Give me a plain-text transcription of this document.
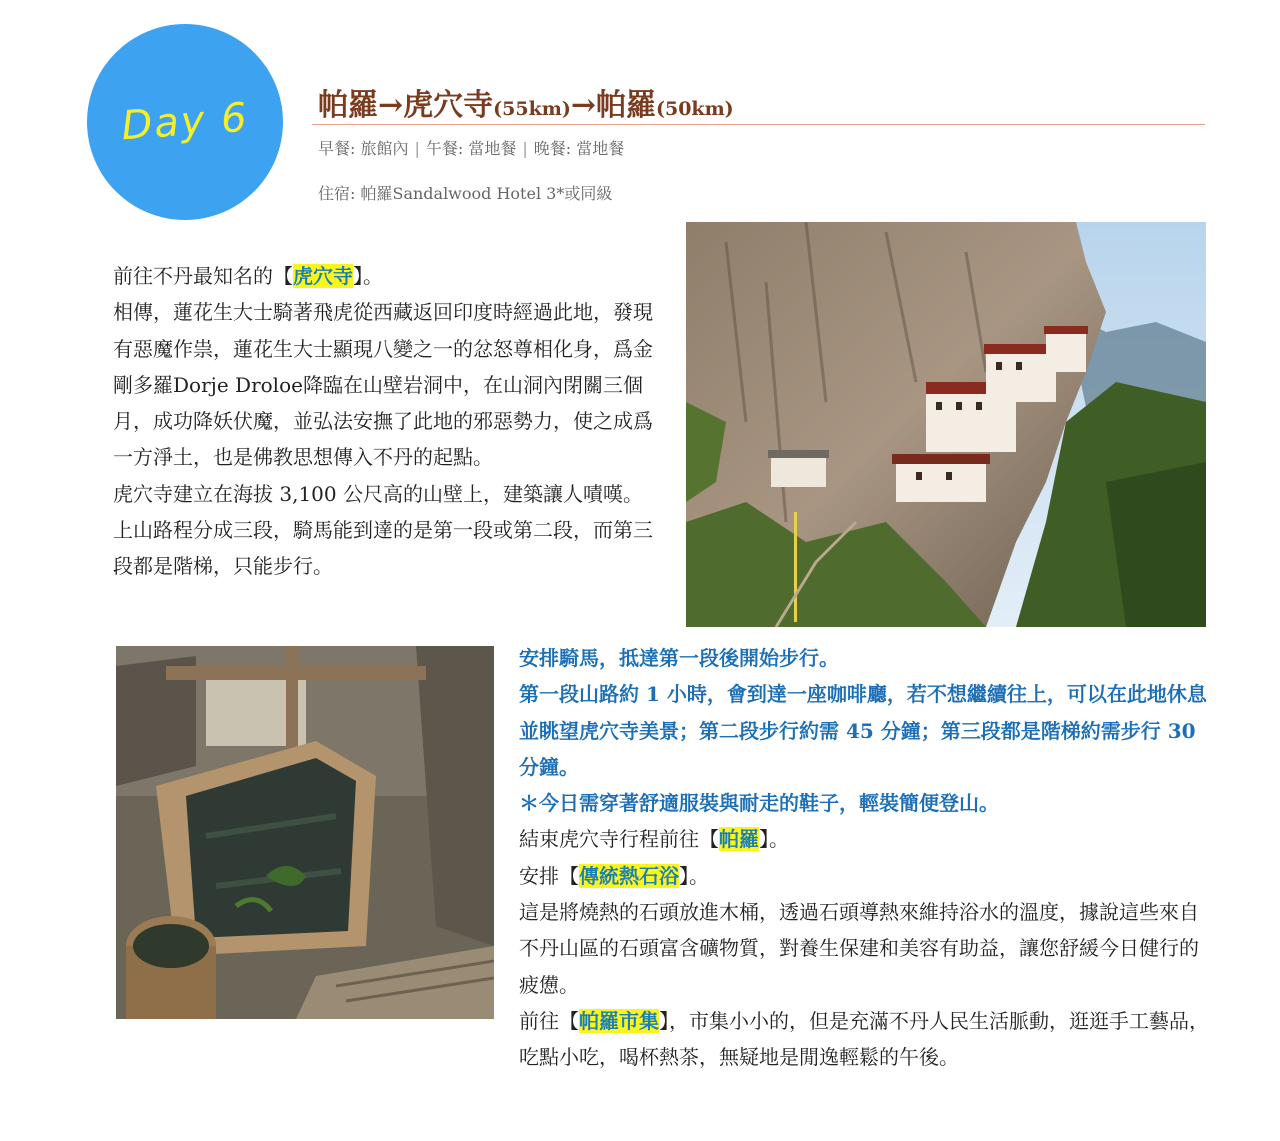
Day 6	帕羅→虎穴寺(55km)→帕羅(50km)
早餐: 旅館內 | 午餐: 當地餐 | 晚餐: 當地餐
住宿: 帕羅Sandalwood Hotel 3*或同級
前往不丹最知名的【虎穴寺】。
相傳，蓮花生大士騎著飛虎從西藏返回印度時經過此地，發現有惡魔作祟，蓮花生大士顯現八變之一的忿怒尊相化身，爲金剛多羅Dorje Droloe降臨在山壁岩洞中，在山洞內閉關三個月，成功降妖伏魔，並弘法安撫了此地的邪惡勢力，使之成爲一方淨土，也是佛教思想傳入不丹的起點。
虎穴寺建立在海拔 3,100 公尺高的山壁上，建築讓人嘖嘆。上山路程分成三段，騎馬能到達的是第一段或第二段，而第三段都是階梯，只能步行。
安排騎馬，抵達第一段後開始步行。
第一段山路約 1 小時，會到達一座咖啡廳，若不想繼續往上，可以在此地休息並眺望虎穴寺美景；第二段步行約需 45 分鐘；第三段都是階梯約需步行 30 分鐘。
＊今日需穿著舒適服裝與耐走的鞋子，輕裝簡便登山。
結束虎穴寺行程前往【帕羅】。
安排【傳統熱石浴】。
這是將燒熱的石頭放進木桶，透過石頭導熱來維持浴水的溫度，據說這些來自不丹山區的石頭富含礦物質，對養生保建和美容有助益，讓您舒緩今日健行的疲憊。
前往【帕羅市集】，市集小小的，但是充滿不丹人民生活脈動，逛逛手工藝品，吃點小吃，喝杯熱茶，無疑地是閒逸輕鬆的午後。
